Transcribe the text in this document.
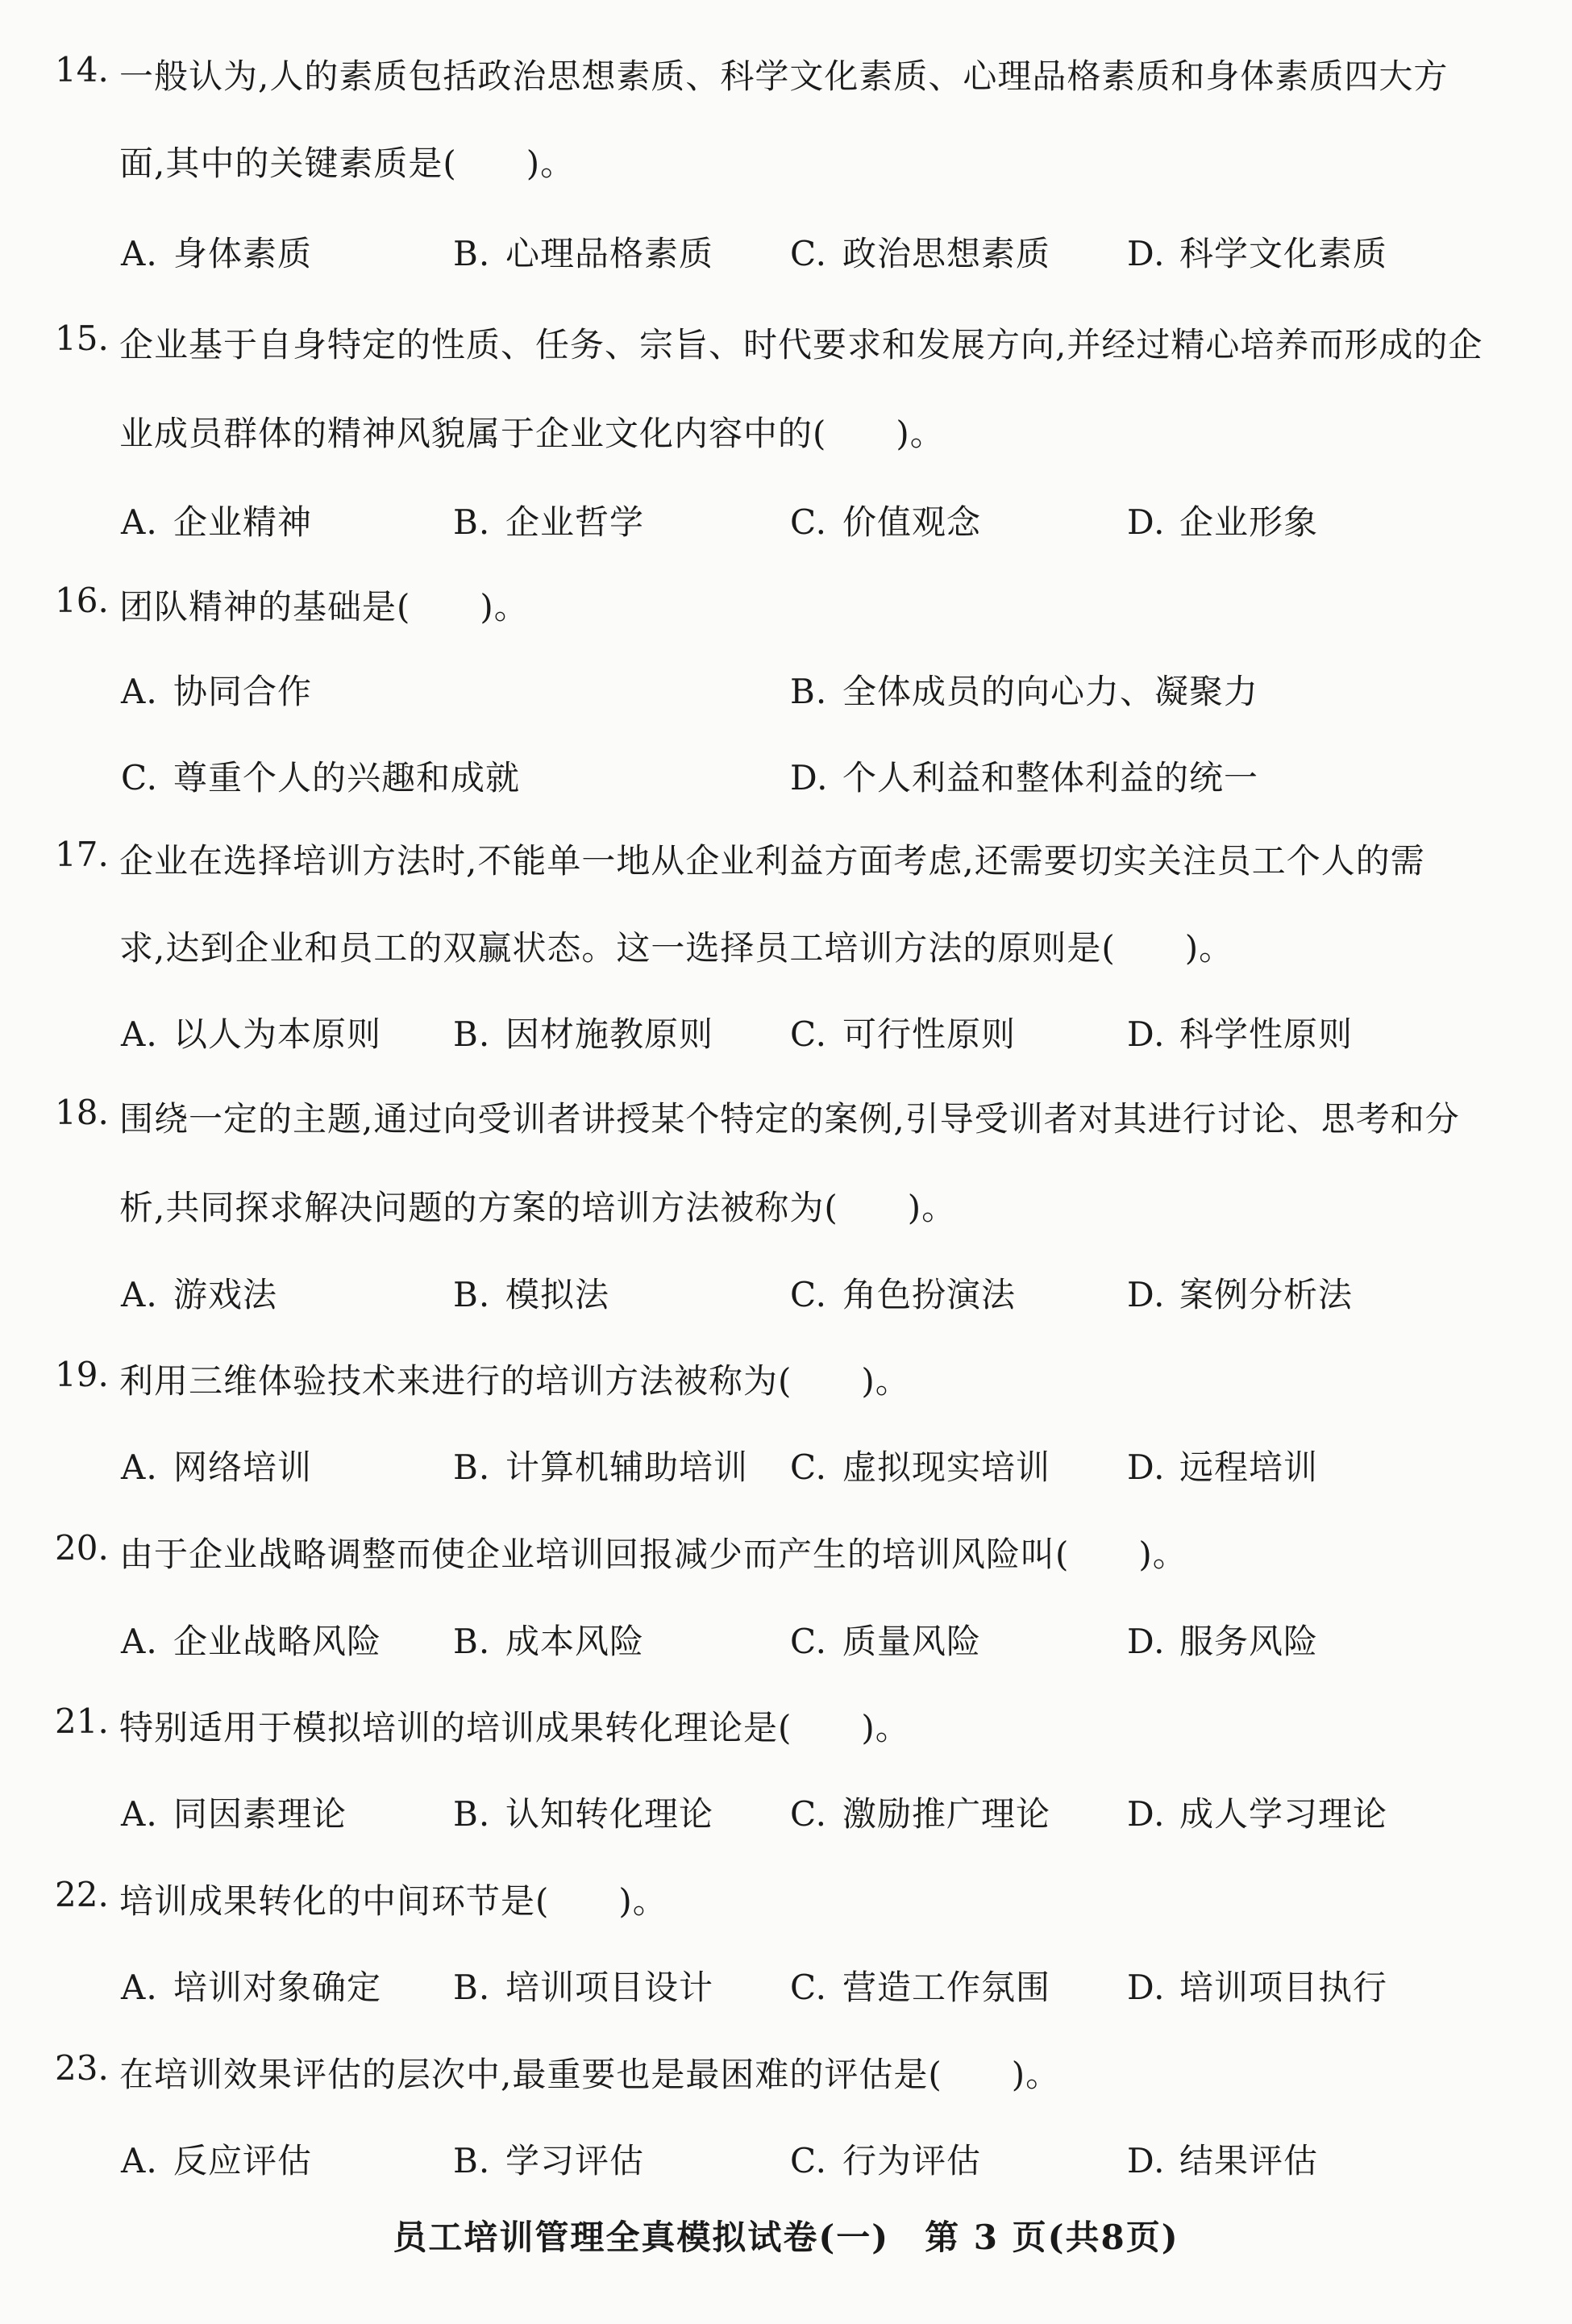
14. 一般认为,人的素质包括政治思想素质、科学文化素质、心理品格素质和身体素质四大方
面,其中的关键素质是(　　)。
A. 身体素质	B. 心理品格素质 C. 政治思想素质 D. 科学文化素质
15. 企业基于自身特定的性质、任务、宗旨、时代要求和发展方向,并经过精心培养而形成的企
业成员群体的精神风貌属于企业文化内容中的(　　)。
A. 企业精神	B. 企业哲学	C. 价值观念	D. 企业形象
16. 团队精神的基础是(　　)。
A. 协同合作	B. 全体成员的向心力、凝聚力
C. 尊重个人的兴趣和成就	D. 个人利益和整体利益的统一
17. 企业在选择培训方法时,不能单一地从企业利益方面考虑,还需要切实关注员工个人的需
求,达到企业和员工的双赢状态。这一选择员工培训方法的原则是(　　)。
A. 以人为本原则 B. 因材施教原则 C. 可行性原则	D. 科学性原则
18. 围绕一定的主题,通过向受训者讲授某个特定的案例,引导受训者对其进行讨论、思考和分
析,共同探求解决问题的方案的培训方法被称为(　　)。
A. 游戏法	B. 模拟法	C. 角色扮演法	D. 案例分析法
19. 利用三维体验技术来进行的培训方法被称为(　　)。
A. 网络培训	B. 计算机辅助培训 C. 虚拟现实培训 D. 远程培训
20. 由于企业战略调整而使企业培训回报减少而产生的培训风险叫(　　)。
A. 企业战略风险 B. 成本风险	C. 质量风险	D. 服务风险
21. 特别适用于模拟培训的培训成果转化理论是(　　)。
A. 同因素理论	B. 认知转化理论 C. 激励推广理论 D. 成人学习理论
22. 培训成果转化的中间环节是(　　)。
A. 培训对象确定 B. 培训项目设计 C. 营造工作氛围 D. 培训项目执行
23. 在培训效果评估的层次中,最重要也是最困难的评估是(　　)。
A. 反应评估	B. 学习评估	C. 行为评估	D. 结果评估
员工培训管理全真模拟试卷(一)　第 3 页(共8页)
